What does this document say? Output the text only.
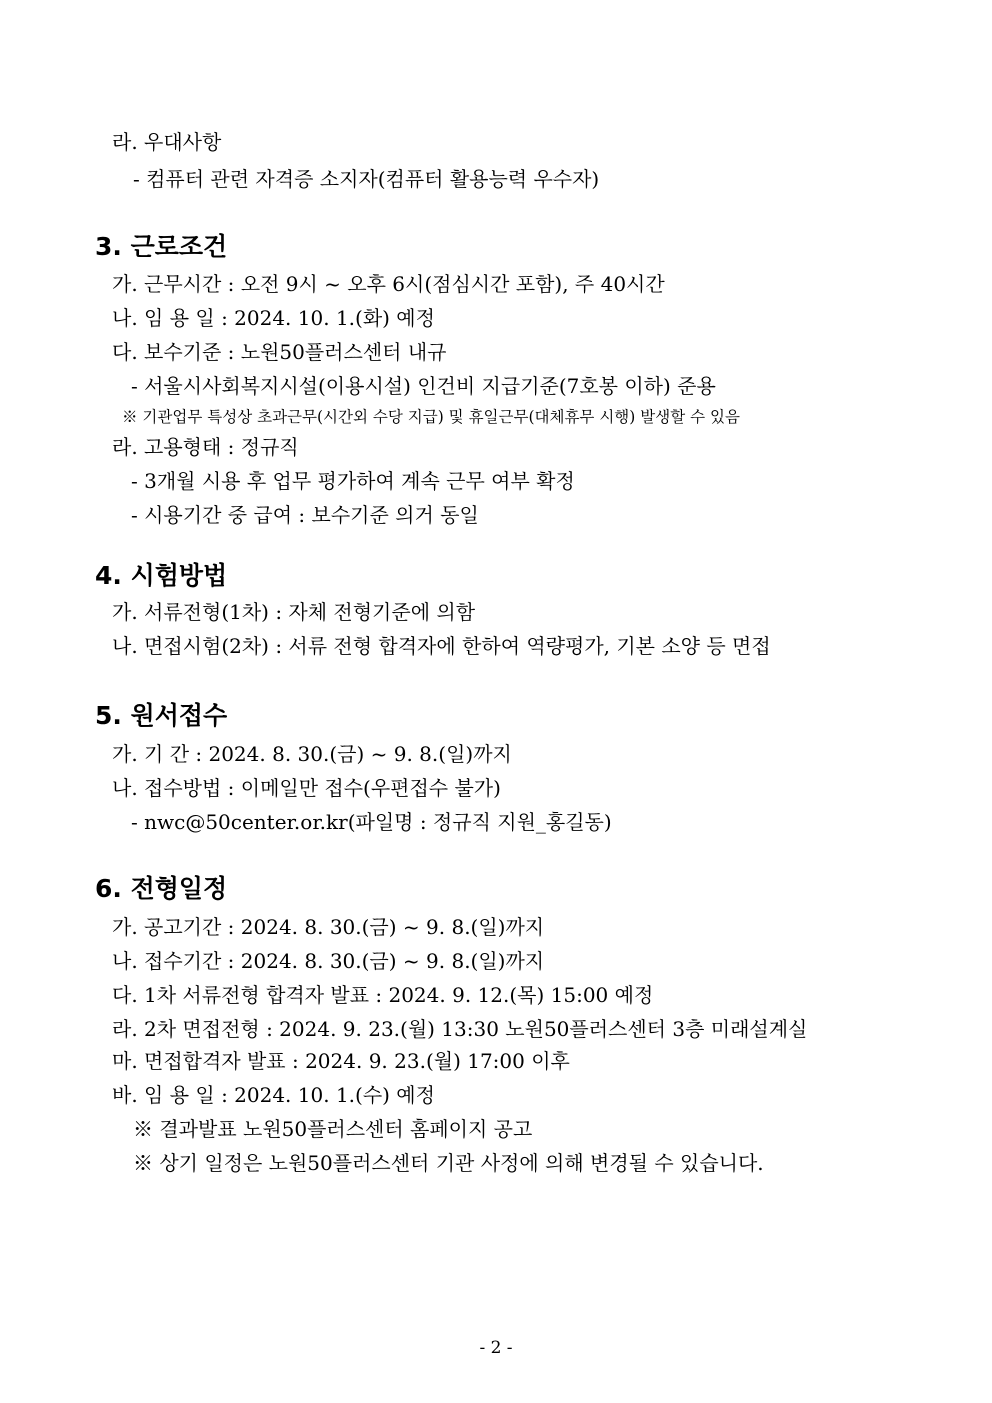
라. 우대사항
- 컴퓨터 관련 자격증 소지자(컴퓨터 활용능력 우수자)
3. 근로조건
가. 근무시간 : 오전 9시 ~ 오후 6시(점심시간 포함), 주 40시간
나. 임 용 일 : 2024. 10. 1.(화) 예정
다. 보수기준 : 노원50플러스센터 내규
- 서울시사회복지시설(이용시설) 인건비 지급기준(7호봉 이하) 준용
※ 기관업무 특성상 초과근무(시간외 수당 지급) 및 휴일근무(대체휴무 시행) 발생할 수 있음
라. 고용형태 : 정규직
- 3개월 시용 후 업무 평가하여 계속 근무 여부 확정
- 시용기간 중 급여 : 보수기준 의거 동일
4. 시험방법
가. 서류전형(1차) : 자체 전형기준에 의함
나. 면접시험(2차) : 서류 전형 합격자에 한하여 역량평가, 기본 소양 등 면접
5. 원서접수
가. 기 간 : 2024. 8. 30.(금) ~ 9. 8.(일)까지
나. 접수방법 : 이메일만 접수(우편접수 불가)
- nwc@50center.or.kr(파일명 : 정규직 지원_홍길동)
6. 전형일정
가. 공고기간 : 2024. 8. 30.(금) ~ 9. 8.(일)까지
나. 접수기간 : 2024. 8. 30.(금) ~ 9. 8.(일)까지
다. 1차 서류전형 합격자 발표 : 2024. 9. 12.(목) 15:00 예정
라. 2차 면접전형 : 2024. 9. 23.(월) 13:30 노원50플러스센터 3층 미래설계실
마. 면접합격자 발표 : 2024. 9. 23.(월) 17:00 이후
바. 임 용 일 : 2024. 10. 1.(수) 예정
※ 결과발표 노원50플러스센터 홈페이지 공고
※ 상기 일정은 노원50플러스센터 기관 사정에 의해 변경될 수 있습니다.
- 2 -
